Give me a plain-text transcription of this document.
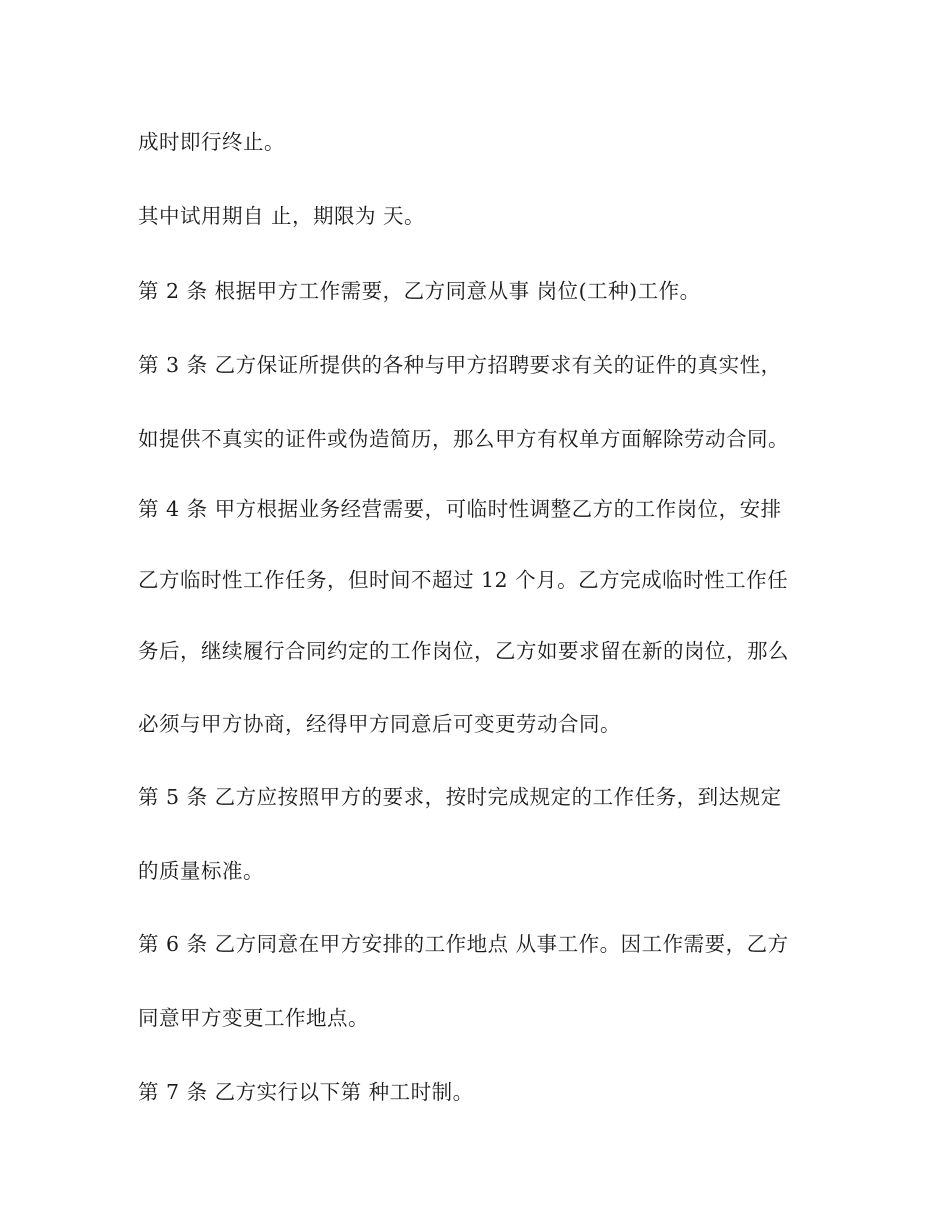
成时即行终止。
其中试用期自 止，期限为 天。
第 2 条 根据甲方工作需要，乙方同意从事 岗位(工种)工作。
第 3 条 乙方保证所提供的各种与甲方招聘要求有关的证件的真实性，
如提供不真实的证件或伪造简历，那么甲方有权单方面解除劳动合同。
第 4 条 甲方根据业务经营需要，可临时性调整乙方的工作岗位，安排
乙方临时性工作任务，但时间不超过 12 个月。乙方完成临时性工作任
务后，继续履行合同约定的工作岗位，乙方如要求留在新的岗位，那么
必须与甲方协商，经得甲方同意后可变更劳动合同。
第 5 条 乙方应按照甲方的要求，按时完成规定的工作任务，到达规定
的质量标准。
第 6 条 乙方同意在甲方安排的工作地点 从事工作。因工作需要，乙方
同意甲方变更工作地点。
第 7 条 乙方实行以下第 种工时制。
